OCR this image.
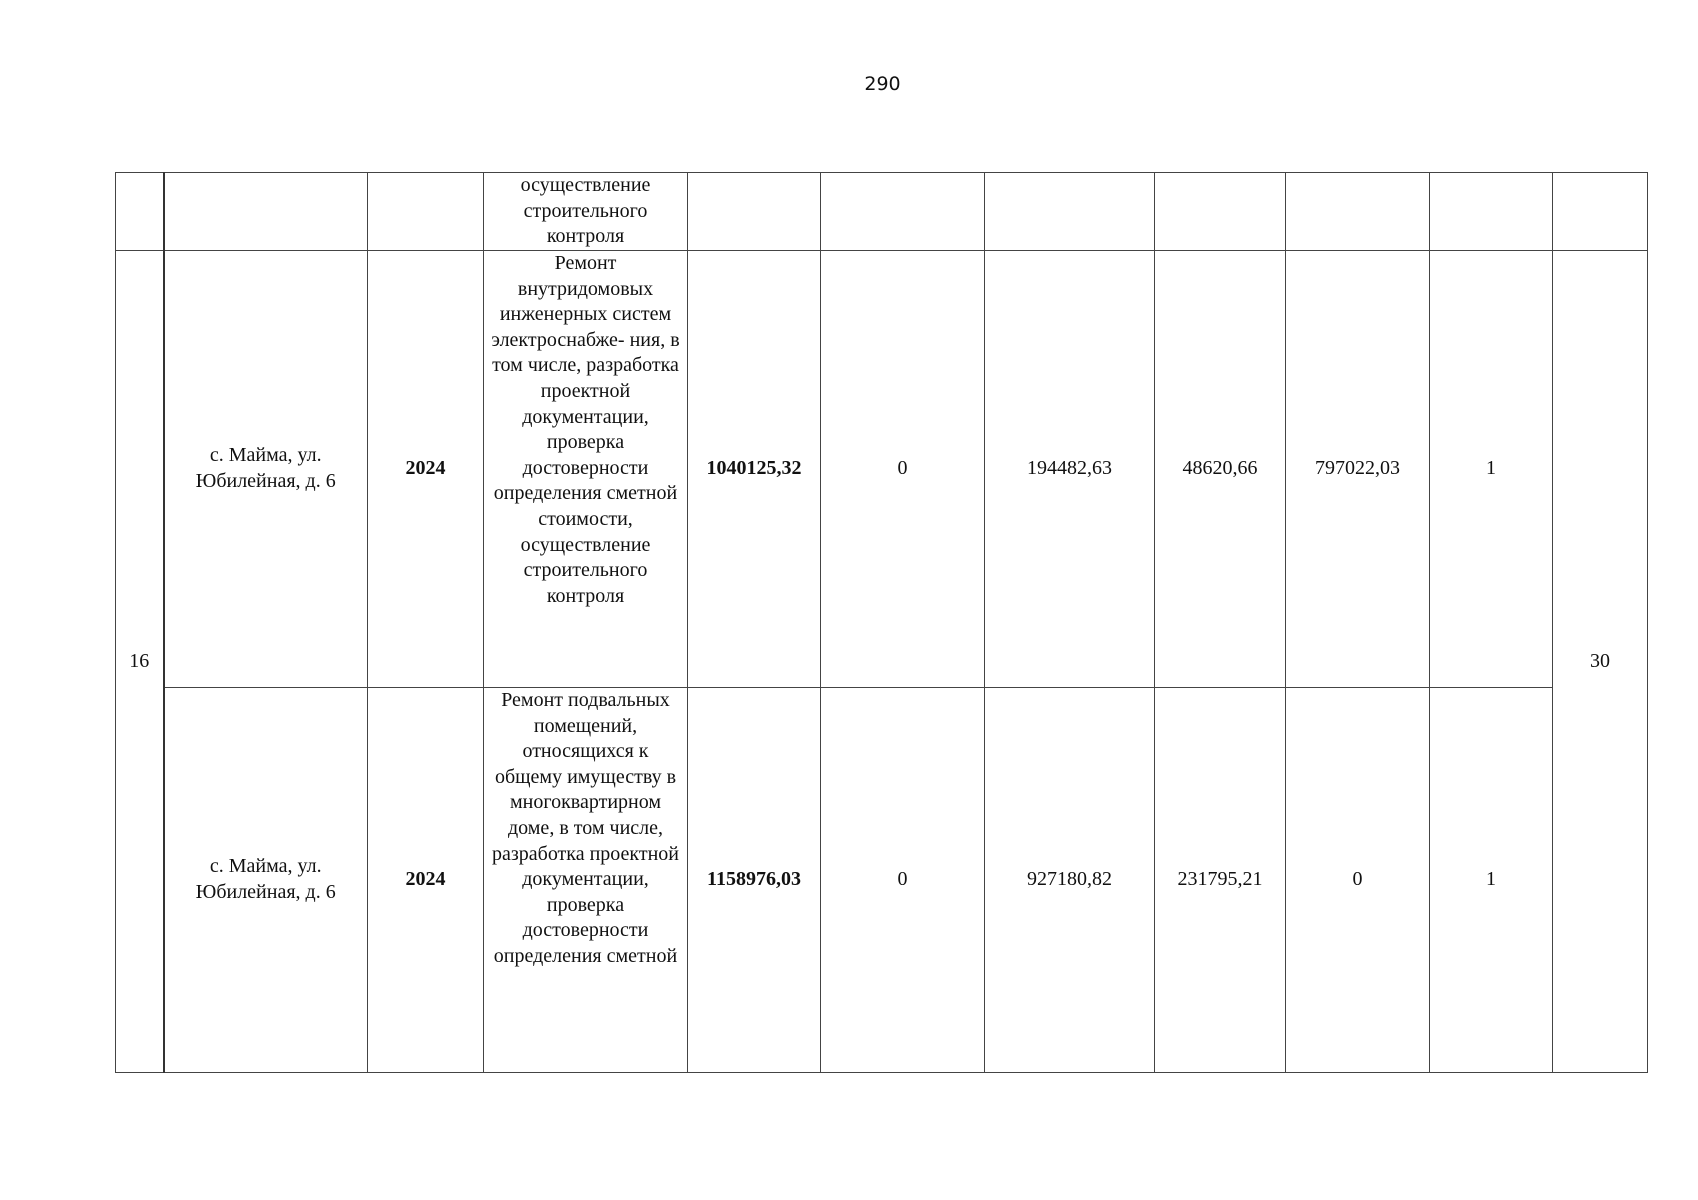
290
			осуществление строительного контроля							
16	с. Майма, ул. Юбилейная, д. 6	2024	Ремонт внутридомовых инженерных систем электроснабже- ния, в том числе, разработка проектной документации, проверка достоверности определения сметной стоимости, осуществление строительного контроля	1040125,32	0	194482,63	48620,66	797022,03	1	30
	с. Майма, ул. Юбилейная, д. 6	2024	Ремонт подвальных помещений, относящихся к общему имуществу в многоквартирном доме, в том числе, разработка проектной документации, проверка достоверности определения сметной	1158976,03	0	927180,82	231795,21	0	1	
